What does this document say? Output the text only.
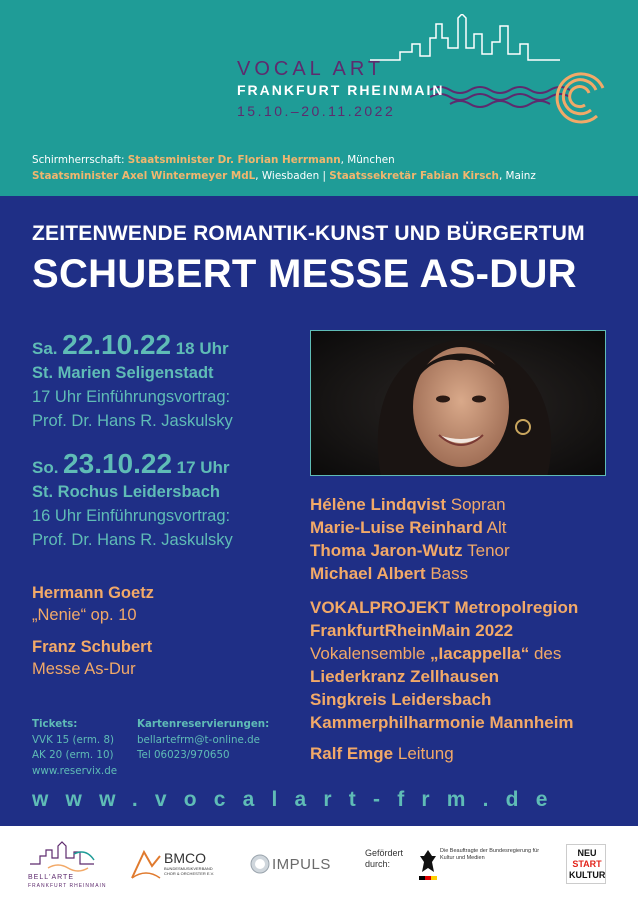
VOCAL ART
FRANKFURT RHEINMAIN
15.10.–20.11.2022
Schirmherrschaft: Staatsminister Dr. Florian Herrmann, München
Staatsminister Axel Wintermeyer MdL, Wiesbaden | Staatssekretär Fabian Kirsch, Mainz
ZEITENWENDE ROMANTIK-KUNST UND BÜRGERTUM
SCHUBERT MESSE AS-DUR
Sa. 22.10.22 18 Uhr
St. Marien Seligenstadt
17 Uhr Einführungsvortrag:
Prof. Dr. Hans R. Jaskulsky
So. 23.10.22 17 Uhr
St. Rochus Leidersbach
16 Uhr Einführungsvortrag:
Prof. Dr. Hans R. Jaskulsky
Hermann Goetz
„Nenie“ op. 10
Franz Schubert
Messe As-Dur
Tickets:
VVK 15 (erm. 8)
AK 20 (erm. 10)
www.reservix.de
Kartenreservierungen:
bellartefrm@t-online.de
Tel 06023/970650
Hélène Lindqvist Sopran
Marie-Luise Reinhard Alt
Thoma Jaron-Wutz Tenor
Michael Albert Bass
VOKALPROJEKT Metropolregion
FrankfurtRheinMain 2022
Vokalensemble „Iacappella“ des
Liederkranz Zellhausen
Singkreis Leidersbach
Kammerphilharmonie Mannheim
Ralf Emge Leitung
www.vocalart-frm.de
BELL'ARTE
FRANKFURT RHEINMAIN
BMCO
BUNDESMUSIKVERBAND CHOR & ORCHESTER E.V.
IMPULS
Gefördert durch:
Die Beauftragte der Bundesregierung für Kultur und Medien	NEU
START
KULTUR
